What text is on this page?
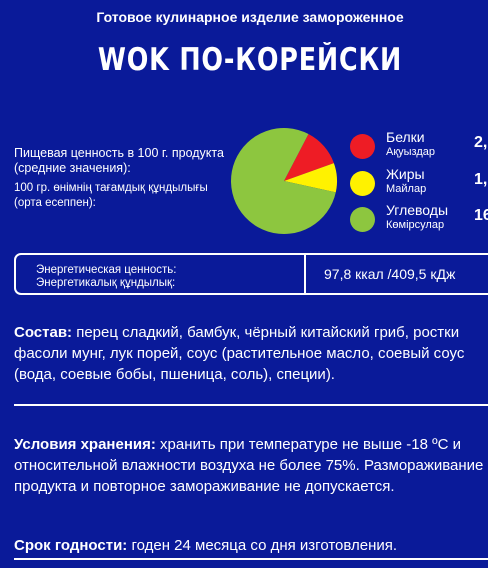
Готовое кулинарное изделие замороженное
WOK ПО-КОРЕЙСКИ
Пищевая ценность в 100 г. продукта (средние значения):
100 гр. өнімнің тағамдық құндылығы (орта есеппен):
Белки
Ақуыздар
2,
Жиры
Майлар
1,
Углеводы
Көмірсулар
16,
Энергетическая ценность:
Энергетикалық құндылық:
97,8 ккал /409,5 кДж
Состав: перец сладкий, бамбук, чёрный китайский гриб, ростки фасоли мунг, лук порей, соус (растительное масло, соевый соус (вода, соевые бобы, пшеница, соль), специи).
Условия хранения: хранить при температуре не выше -18 ºС и относительной влажности воздуха не более 75%. Размораживание продукта и повторное замораживание не допускается.
Срок годности: годен 24 месяца со дня изготовления.
